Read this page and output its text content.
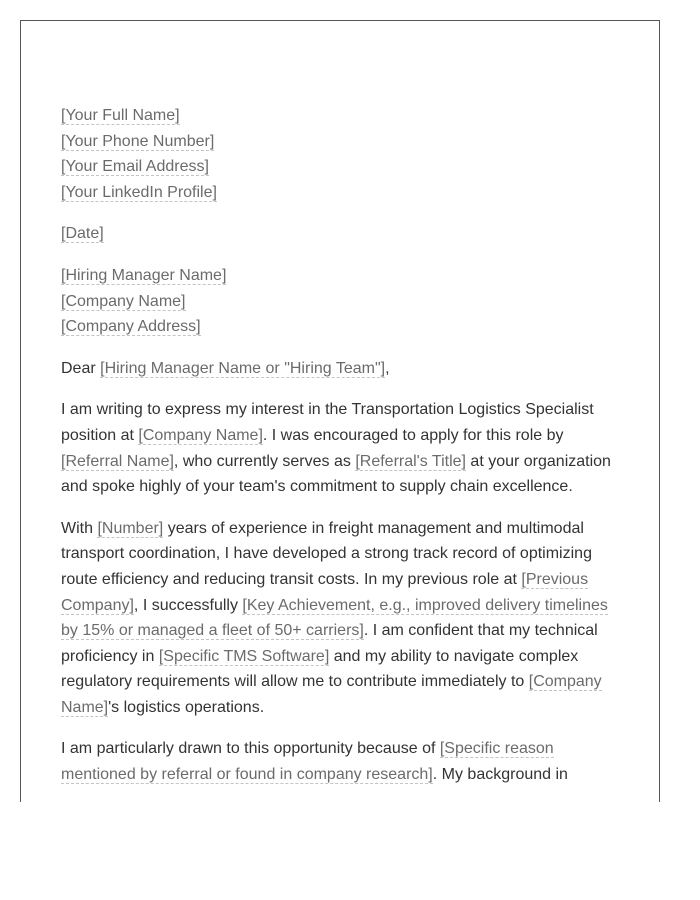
[Your Full Name]
[Your Phone Number]
[Your Email Address]
[Your LinkedIn Profile]
[Date]
[Hiring Manager Name]
[Company Name]
[Company Address]
Dear [Hiring Manager Name or "Hiring Team"],

I am writing to express my interest in the Transportation Logistics Specialist position at [Company Name]. I was encouraged to apply for this role by [Referral Name], who currently serves as [Referral's Title] at your organization and spoke highly of your team's commitment to supply chain excellence.

With [Number] years of experience in freight management and multimodal transport coordination, I have developed a strong track record of optimizing route efficiency and reducing transit costs. In my previous role at [Previous Company], I successfully [Key Achievement, e.g., improved delivery timelines by 15% or managed a fleet of 50+ carriers]. I am confident that my technical proficiency in [Specific TMS Software] and my ability to navigate complex regulatory requirements will allow me to contribute immediately to [Company Name]'s logistics operations.

I am particularly drawn to this opportunity because of [Specific reason mentioned by referral or found in company research]. My background in
